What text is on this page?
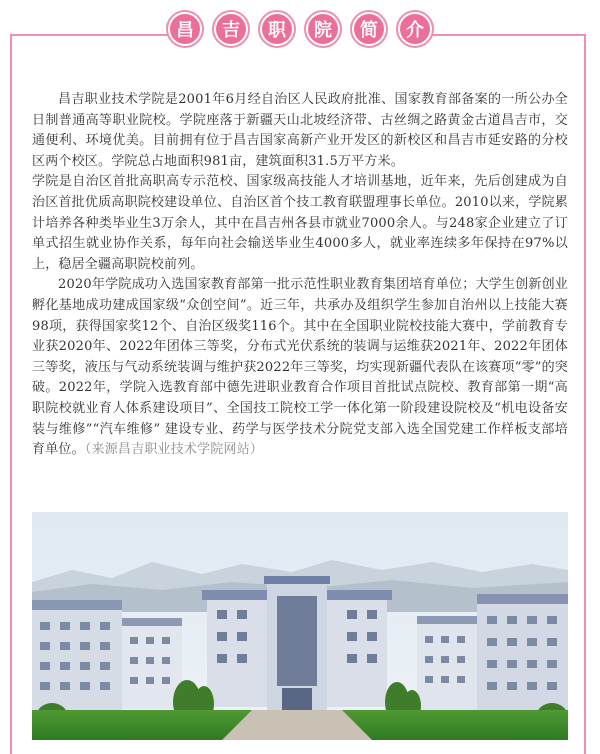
昌	吉	职	院	简	介

昌吉职业技术学院是2001年6月经自治区人民政府批准、国家教育部备案的一所公办全日制普通高等职业院校。学院座落于新疆天山北坡经济带、古丝绸之路黄金古道昌吉市，交通便利、环境优美。目前拥有位于昌吉国家高新产业开发区的新校区和昌吉市延安路的分校区两个校区。学院总占地面积981亩，建筑面积31.5万平方米。

学院是自治区首批高职高专示范校、国家级高技能人才培训基地，近年来，先后创建成为自治区首批优质高职院校建设单位、自治区首个技工教育联盟理事长单位。2010以来，学院累计培养各种类毕业生3万余人，其中在昌吉州各县市就业7000余人。与248家企业建立了订单式招生就业协作关系，每年向社会输送毕业生4000多人，就业率连续多年保持在97%以上，稳居全疆高职院校前列。

2020年学院成功入选国家教育部第一批示范性职业教育集团培育单位；大学生创新创业孵化基地成功建成国家级“众创空间”。近三年，共承办及组织学生参加自治州以上技能大赛98项，获得国家奖12个、自治区级奖116个。其中在全国职业院校技能大赛中，学前教育专业获2020年、2022年团体三等奖，分布式光伏系统的装调与运维获2021年、2022年团体三等奖，液压与气动系统装调与维护获2022年三等奖，均实现新疆代表队在该赛项“零”的突破。2022年，学院入选教育部中德先进职业教育合作项目首批试点院校、教育部第一期“高职院校就业育人体系建设项目”、全国技工院校工学一体化第一阶段建设院校及“机电设备安装与维修”“汽车维修” 建设专业、药学与医学技术分院党支部入选全国党建工作样板支部培育单位。（来源昌吉职业技术学院网站）
